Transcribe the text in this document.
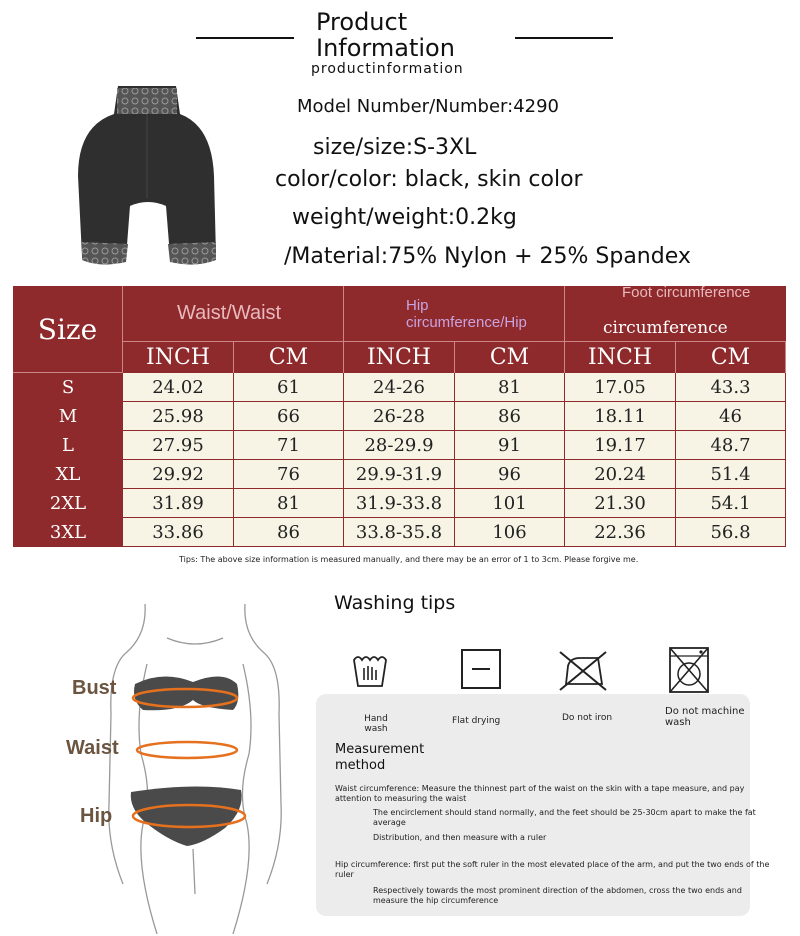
Product
Information
productinformation
Model Number/Number:4290
size/size:S-3XL
color/color: black, skin color
weight/weight:0.2kg
/Material:75% Nylon + 25% Spandex
Size	Waist/Waist	Hip
circumference/Hip
Foot circumference
circumference
INCH	CM	INCH	CM	INCH	CM
S	24.02	61	24-26	81	17.05	43.3
M	25.98	66	26-28	86	18.11	46
L	27.95	71	28-29.9	91	19.17	48.7
XL	29.92	76	29.9-31.9	96	20.24	51.4
2XL	31.89	81	31.9-33.8	101	21.30	54.1
3XL	33.86	86	33.8-35.8	106	22.36	56.8
Tips: The above size information is measured manually, and there may be an error of 1 to 3cm. Please forgive me.
Bust
Waist
Hip
Washing tips
Hand wash
Flat drying	Do not iron
Do not machine wash
Measurement method
Waist circumference: Measure the thinnest part of the waist on the skin with a tape measure, and pay attention to measuring the waist
The encirclement should stand normally, and the feet should be 25-30cm apart to make the fat average
Distribution, and then measure with a ruler
Hip circumference: first put the soft ruler in the most elevated place of the arm, and put the two ends of the ruler
Respectively towards the most prominent direction of the abdomen, cross the two ends and measure the hip circumference
